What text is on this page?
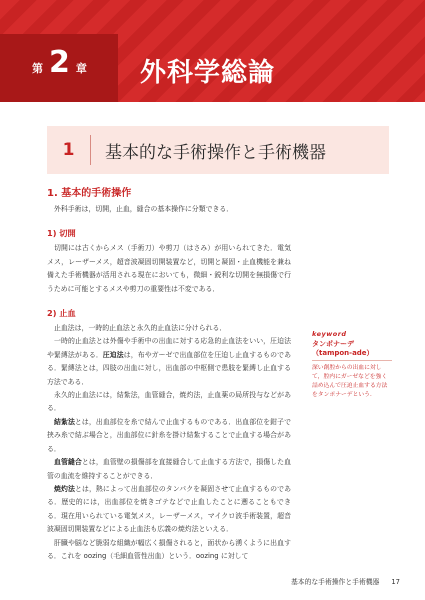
第 2 章 外科学総論
1	基本的な手術操作と手術機器
1. 基本的手術操作
外科手術は，切開，止血，縫合の基本操作に分類できる．
1) 切開
切開には古くからメス（手術刀）や剪刀（はさみ）が用いられてきた．電気メス，レーザーメス，超音波凝固切開装置など，切開と凝固・止血機能を兼ね備えた手術機器が活用される現在においても，微細・鋭利な切開を無損傷で行うために可能とするメスや剪刀の重要性は不変である．
2) 止血
止血法は，一時的止血法と永久的止血法に分けられる．
一時的止血法とは外傷や手術中の出血に対する応急的止血法をいい，圧迫法や緊縛法がある．圧迫法は，布やガーゼで出血部位を圧迫し止血するものである．緊縛法とは，四肢の出血に対し，出血部の中枢側で患肢を緊縛し止血する方法である．
永久的止血法には，結紮法，血管縫合，焼灼法，止血薬の局所投与などがある．
結紮法とは，出血部位を糸で結んで止血するものである．出血部位を鉗子で挟み糸で結ぶ場合と，出血部位に針糸を掛け結紮することで止血する場合がある．
血管縫合とは，血管壁の損傷部を直接縫合して止血する方法で，損傷した血管の血流を維持することができる．
焼灼法とは，熱によって出血部位のタンパクを凝固させて止血するものである．歴史的には，出血部位を焼きゴテなどで止血したことに遡ることもできる．現在用いられている電気メス，レーザーメス，マイクロ波手術装置，超音波凝固切開装置などによる止血法も広義の焼灼法といえる．
肝臓や脳など脆弱な組織が幅広く損傷されると，面状から湧くように出血する．これを oozing（毛細血管性出血）という．oozing に対して
keyword
タンポナーデ（tampon-ade）
深い創腔からの出血に対して，腔内にガーゼなどを強く詰め込んで圧迫止血する方法をタンポナーデという．
基本的な手術操作と手術機器 17
